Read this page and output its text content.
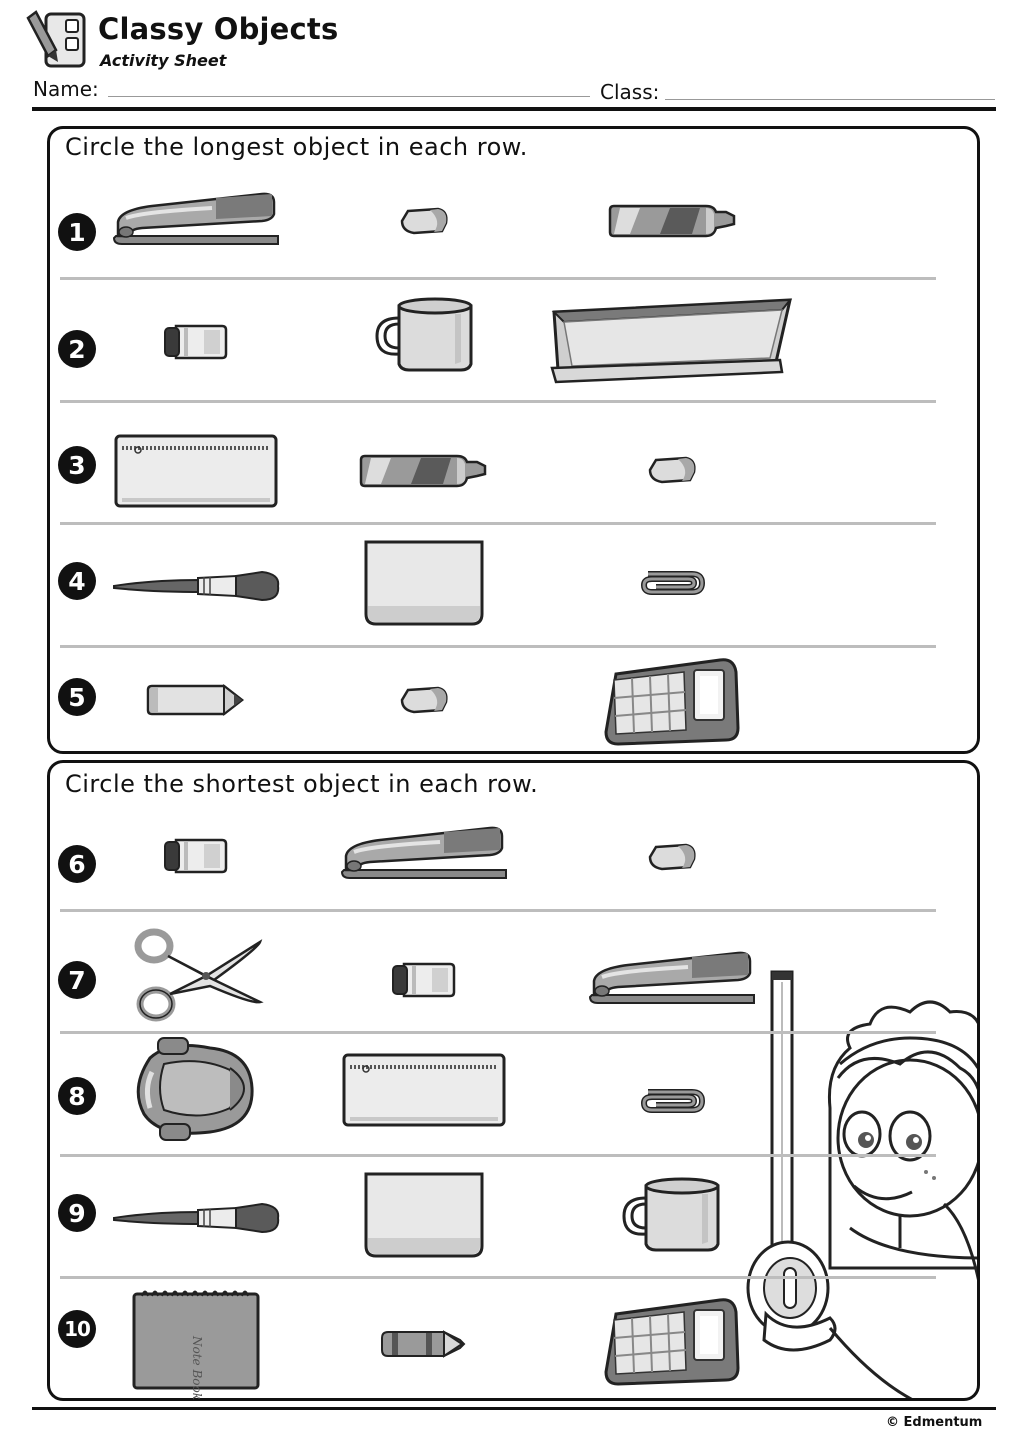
Classy Objects
Activity Sheet
Name:	Class:
Circle the longest object in each row.
1
2
3
4
5
Circle the shortest object in each row.
6
7
8
9
10
Note Book
© Edmentum
